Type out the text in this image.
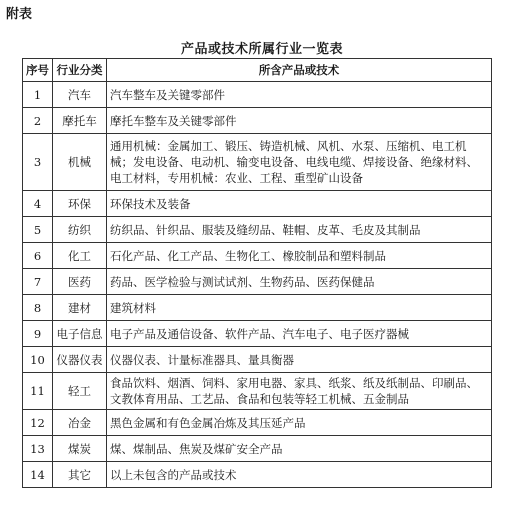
附表
产品或技术所属行业一览表
序号	行业分类	所含产品或技术
1	汽车	汽车整车及关键零部件
2	摩托车	摩托车整车及关键零部件
3	机械	通用机械：金属加工、锻压、铸造机械、风机、水泵、压缩机、电工机械；发电设备、电动机、输变电设备、电线电缆、焊接设备、绝缘材料、电工材料，专用机械：农业、工程、重型矿山设备
4	环保	环保技术及装备
5	纺织	纺织品、针织品、服装及缝纫品、鞋帽、皮革、毛皮及其制品
6	化工	石化产品、化工产品、生物化工、橡胶制品和塑料制品
7	医药	药品、医学检验与测试试剂、生物药品、医药保健品
8	建材	建筑材料
9	电子信息	电子产品及通信设备、软件产品、汽车电子、电子医疗器械
10	仪器仪表	仪器仪表、计量标准器具、量具衡器
11	轻工	食品饮料、烟酒、饲料、家用电器、家具、纸浆、纸及纸制品、印刷品、文教体育用品、工艺品、食品和包装等轻工机械、五金制品
12	冶金	黑色金属和有色金属冶炼及其压延产品
13	煤炭	煤、煤制品、焦炭及煤矿安全产品
14	其它	以上未包含的产品或技术
